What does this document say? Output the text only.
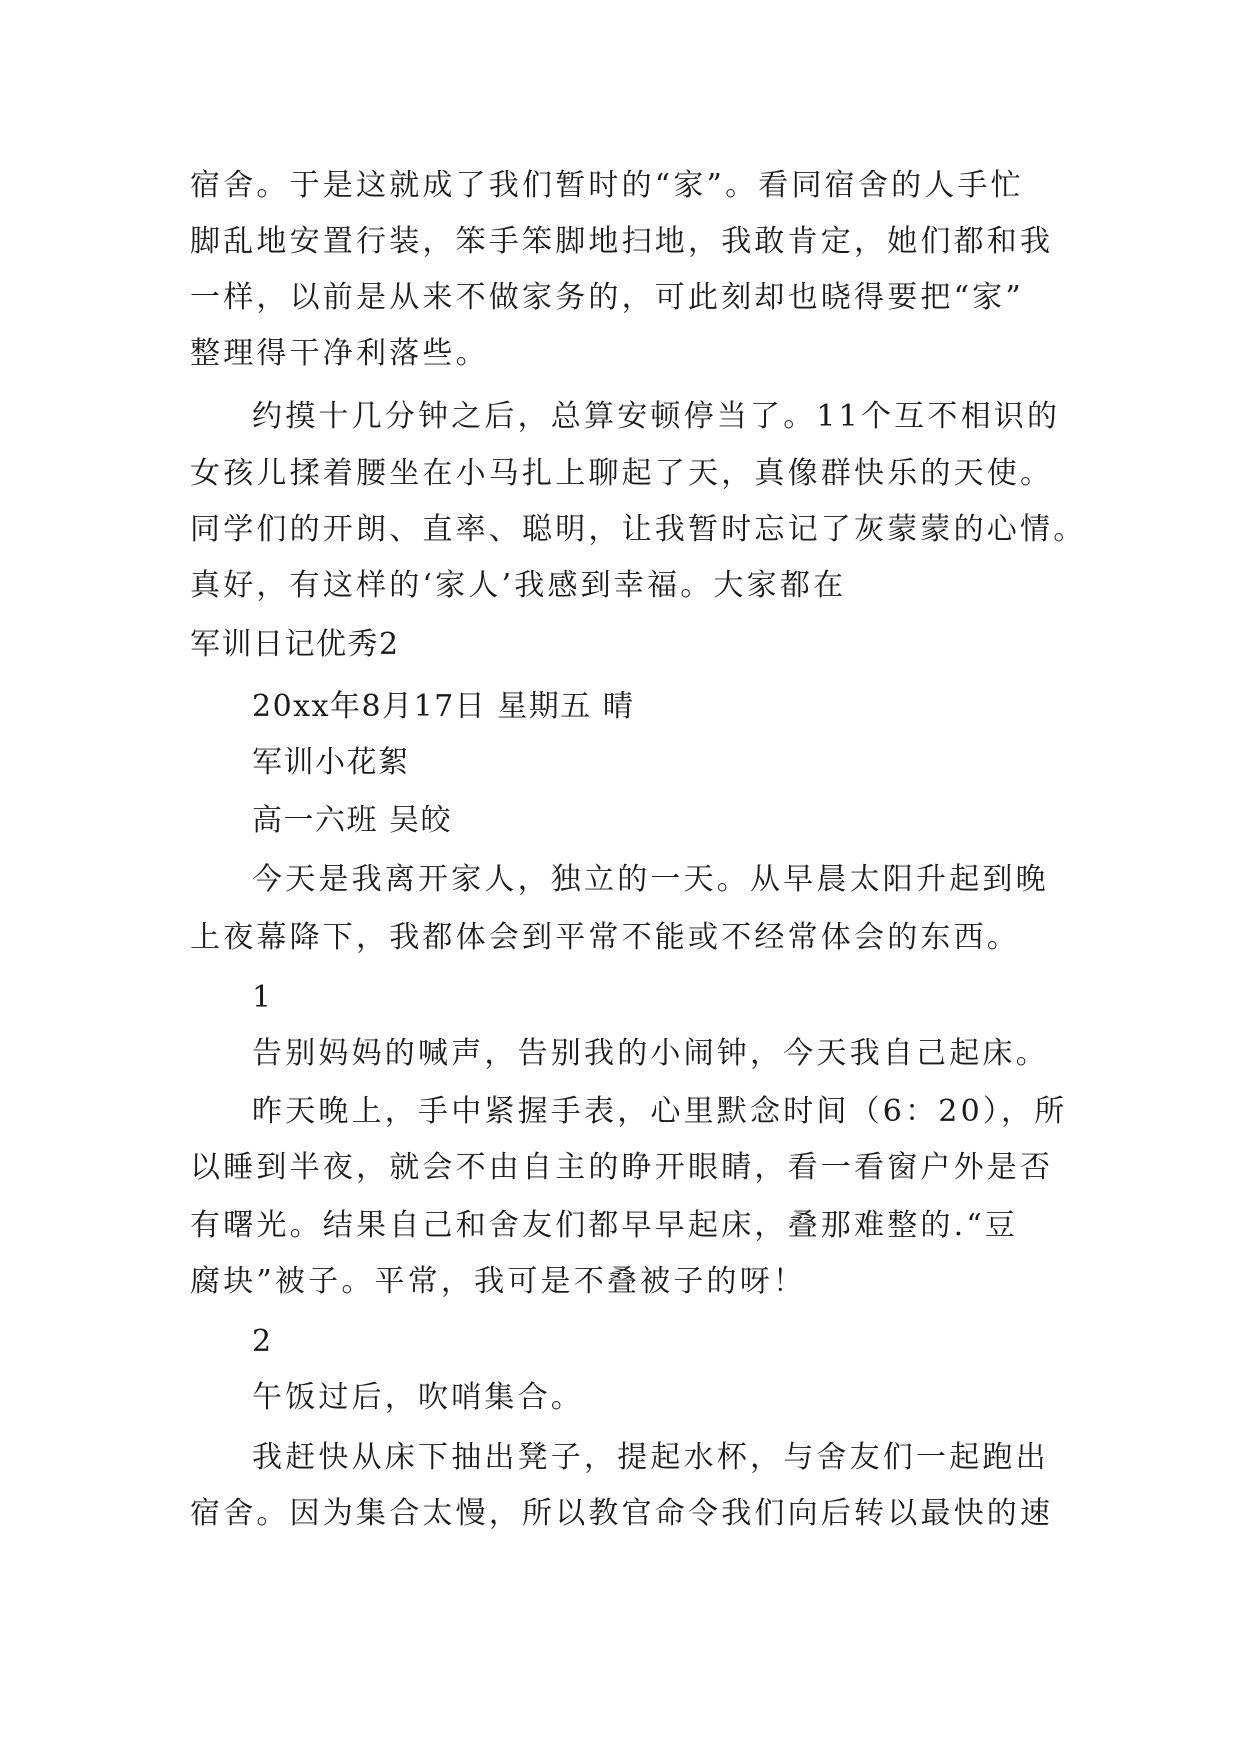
宿舍。于是这就成了我们暂时的“家”。看同宿舍的人手忙
脚乱地安置行装，笨手笨脚地扫地，我敢肯定，她们都和我
一样，以前是从来不做家务的，可此刻却也晓得要把“家”
整理得干净利落些。
约摸十几分钟之后，总算安顿停当了。11个互不相识的
女孩儿揉着腰坐在小马扎上聊起了天，真像群快乐的天使。
同学们的开朗、直率、聪明，让我暂时忘记了灰蒙蒙的心情。
真好，有这样的‘家人’我感到幸福。大家都在
军训日记优秀2
20xx年8月17日 星期五 晴
军训小花絮
高一六班 吴皎
今天是我离开家人，独立的一天。从早晨太阳升起到晚
上夜幕降下，我都体会到平常不能或不经常体会的东西。
1
告别妈妈的喊声，告别我的小闹钟，今天我自己起床。
昨天晚上，手中紧握手表，心里默念时间（6：20），所
以睡到半夜，就会不由自主的睁开眼睛，看一看窗户外是否
有曙光。结果自己和舍友们都早早起床，叠那难整的.“豆
腐块”被子。平常，我可是不叠被子的呀！
2
午饭过后，吹哨集合。
我赶快从床下抽出凳子，提起水杯，与舍友们一起跑出
宿舍。因为集合太慢，所以教官命令我们向后转以最快的速
